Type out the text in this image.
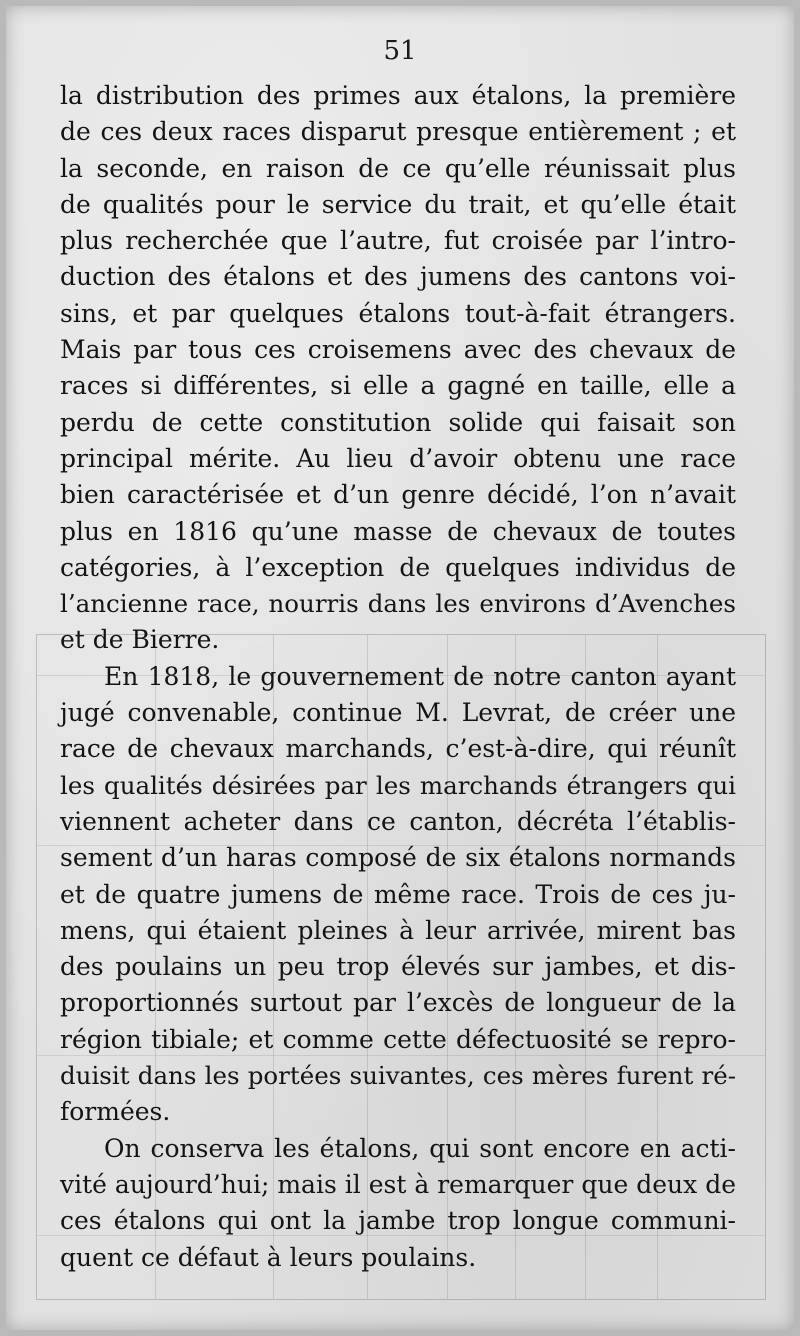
51

la distribution des primes aux étalons, la première
de ces deux races disparut presque entièrement ; et
la seconde, en raison de ce qu’elle réunissait plus
de qualités pour le service du trait, et qu’elle était
plus recherchée que l’autre, fut croisée par l’intro-
duction des étalons et des jumens des cantons voi-
sins, et par quelques étalons tout-à-fait étrangers.
Mais par tous ces croisemens avec des chevaux de
races si différentes, si elle a gagné en taille, elle a
perdu de cette constitution solide qui faisait son
principal mérite. Au lieu d’avoir obtenu une race
bien caractérisée et d’un genre décidé, l’on n’avait
plus en 1816 qu’une masse de chevaux de toutes
catégories, à l’exception de quelques individus de
l’ancienne race, nourris dans les environs d’Avenches
et de Bierre.

En 1818, le gouvernement de notre canton ayant
jugé convenable, continue M. Levrat, de créer une
race de chevaux marchands, c’est-à-dire, qui réunît
les qualités désirées par les marchands étrangers qui
viennent acheter dans ce canton, décréta l’établis-
sement d’un haras composé de six étalons normands
et de quatre jumens de même race. Trois de ces ju-
mens, qui étaient pleines à leur arrivée, mirent bas
des poulains un peu trop élevés sur jambes, et dis-
proportionnés surtout par l’excès de longueur de la
région tibiale; et comme cette défectuosité se repro-
duisit dans les portées suivantes, ces mères furent ré-
formées.

On conserva les étalons, qui sont encore en acti-
vité aujourd’hui; mais il est à remarquer que deux de
ces étalons qui ont la jambe trop longue communi-
quent ce défaut à leurs poulains.
